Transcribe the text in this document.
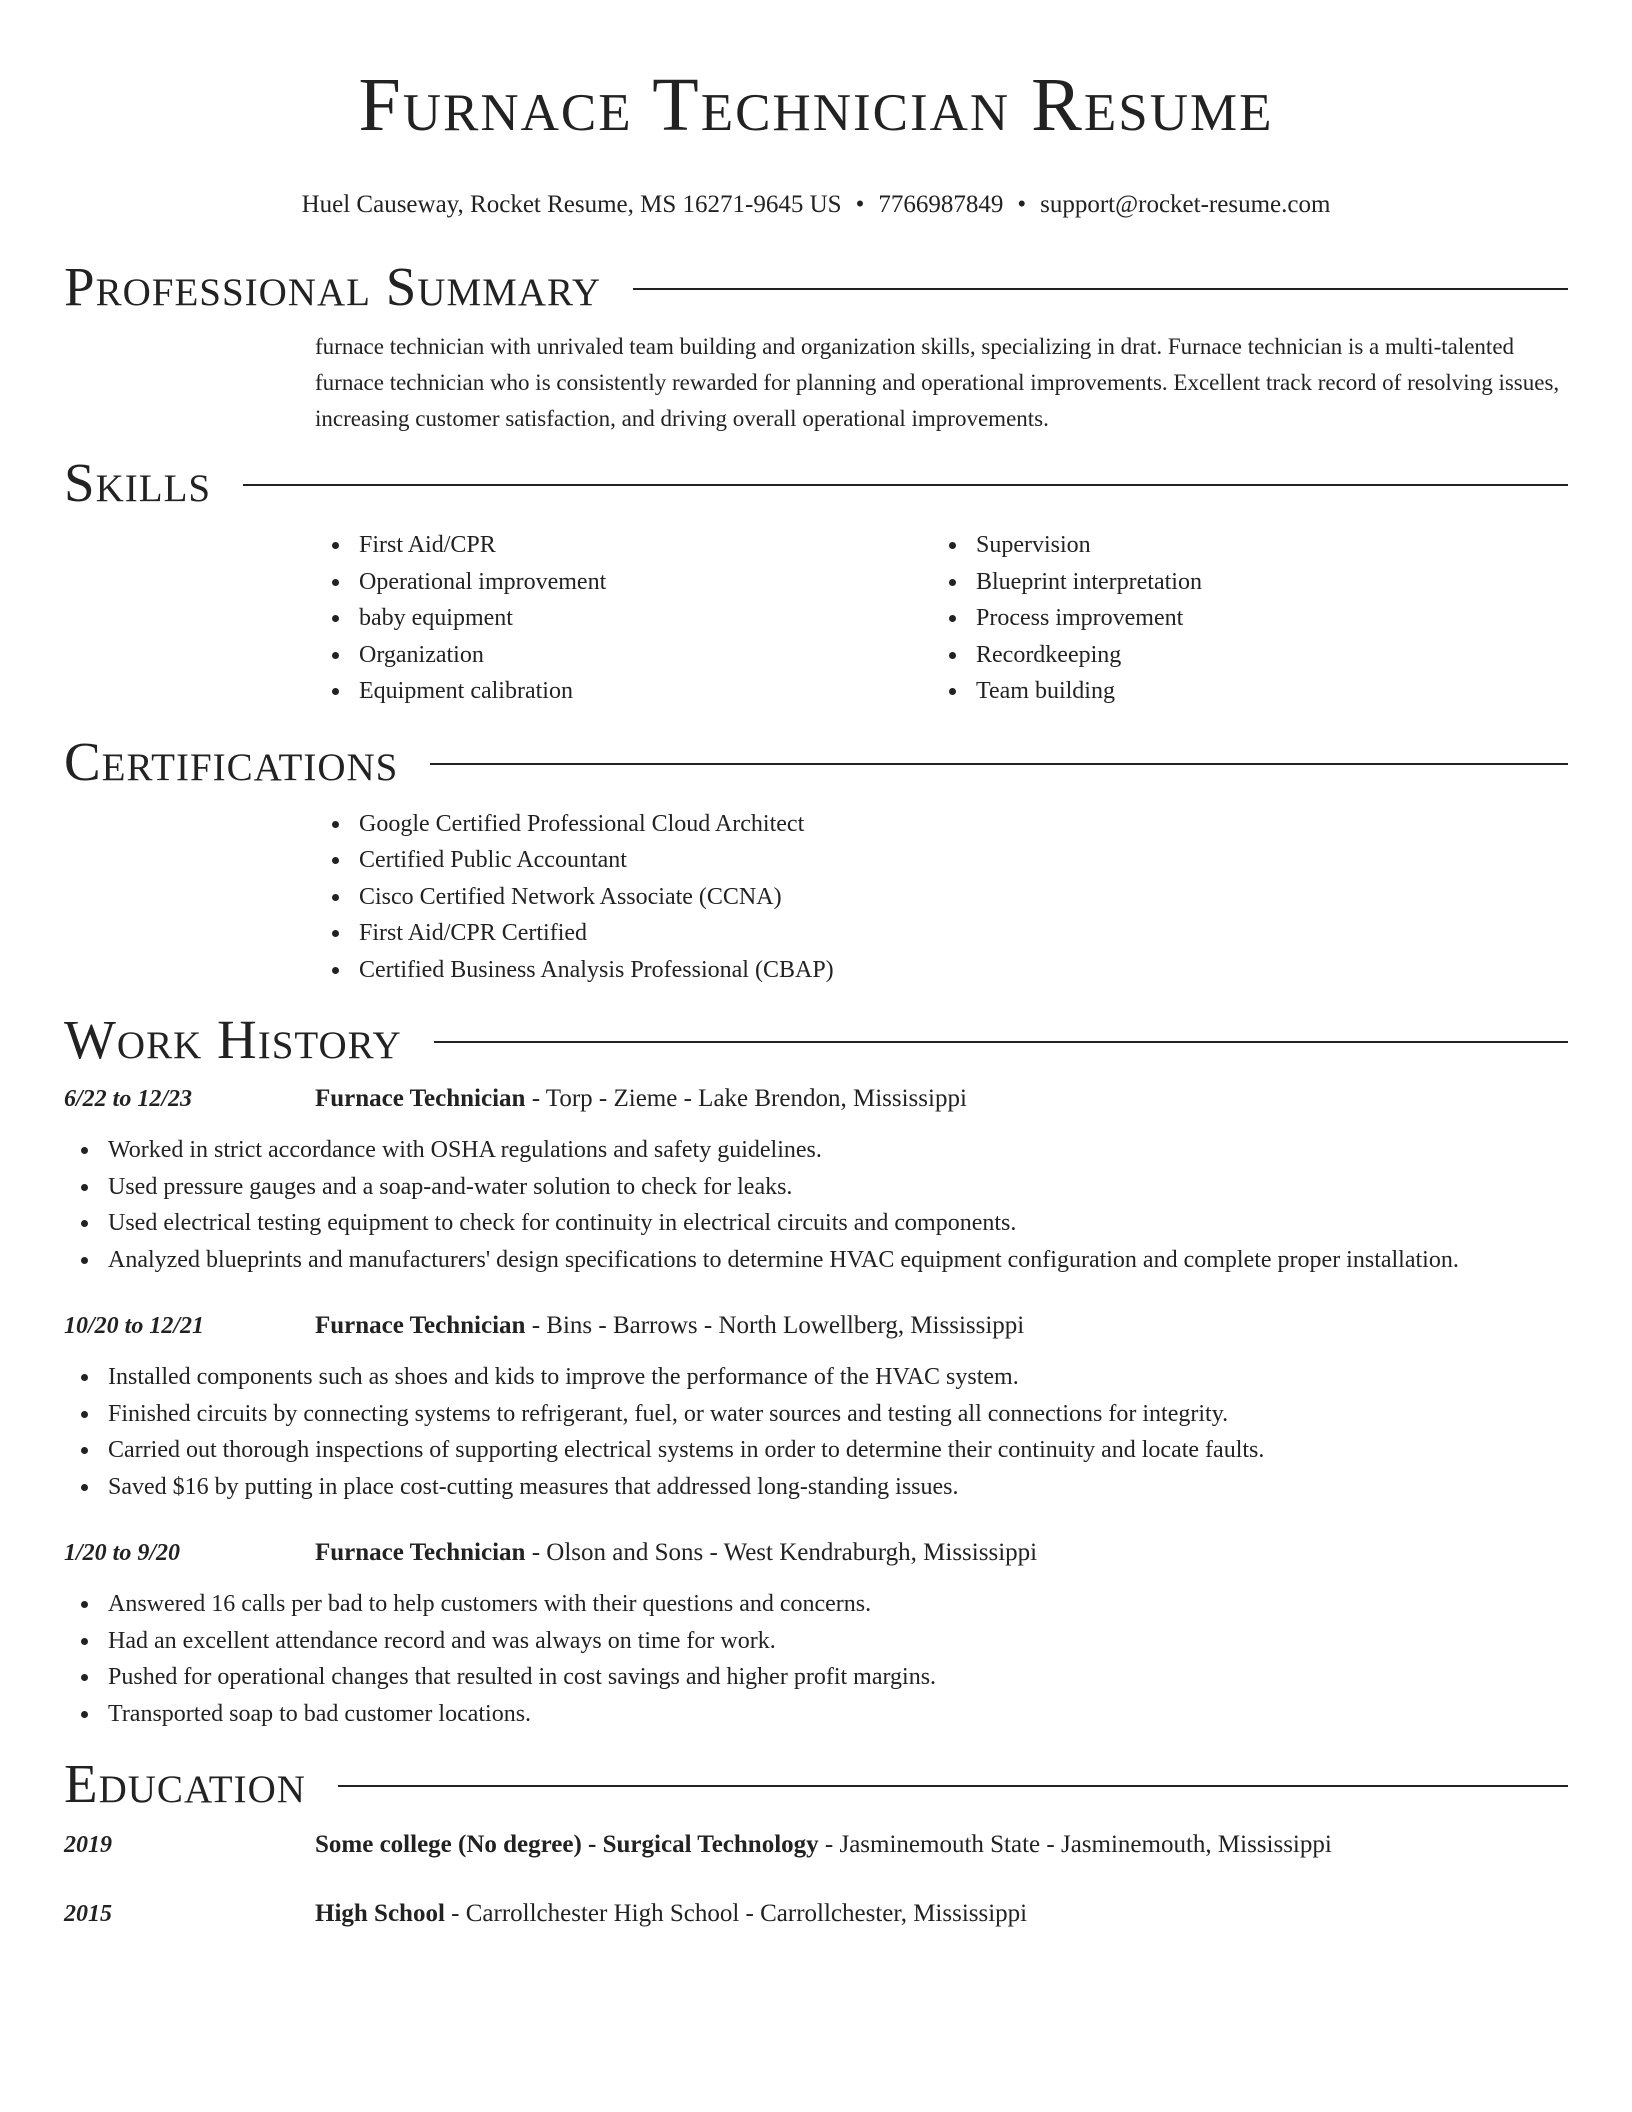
Furnace Technician Resume
Huel Causeway, Rocket Resume, MS 16271-9645 US • 7766987849 • support@rocket-resume.com
Professional Summary

furnace technician with unrivaled team building and organization skills, specializing in drat. Furnace technician is a multi-talented furnace technician who is consistently rewarded for planning and operational improvements. Excellent track record of resolving issues, increasing customer satisfaction, and driving overall operational improvements.

Skills
First Aid/CPR
Operational improvement
baby equipment
Organization
Equipment calibration
Supervision
Blueprint interpretation
Process improvement
Recordkeeping
Team building
Certifications
Google Certified Professional Cloud Architect
Certified Public Accountant
Cisco Certified Network Associate (CCNA)
First Aid/CPR Certified
Certified Business Analysis Professional (CBAP)
Work History
6/22 to 12/23	Furnace Technician - Torp - Zieme - Lake Brendon, Mississippi
Worked in strict accordance with OSHA regulations and safety guidelines.
Used pressure gauges and a soap-and-water solution to check for leaks.
Used electrical testing equipment to check for continuity in electrical circuits and components.
Analyzed blueprints and manufacturers' design specifications to determine HVAC equipment configuration and complete proper installation.
10/20 to 12/21	Furnace Technician - Bins - Barrows - North Lowellberg, Mississippi
Installed components such as shoes and kids to improve the performance of the HVAC system.
Finished circuits by connecting systems to refrigerant, fuel, or water sources and testing all connections for integrity.
Carried out thorough inspections of supporting electrical systems in order to determine their continuity and locate faults.
Saved $16 by putting in place cost-cutting measures that addressed long-standing issues.
1/20 to 9/20	Furnace Technician - Olson and Sons - West Kendraburgh, Mississippi
Answered 16 calls per bad to help customers with their questions and concerns.
Had an excellent attendance record and was always on time for work.
Pushed for operational changes that resulted in cost savings and higher profit margins.
Transported soap to bad customer locations.
Education
2019	Some college (No degree) - Surgical Technology - Jasminemouth State - Jasminemouth, Mississippi
2015	High School - Carrollchester High School - Carrollchester, Mississippi
